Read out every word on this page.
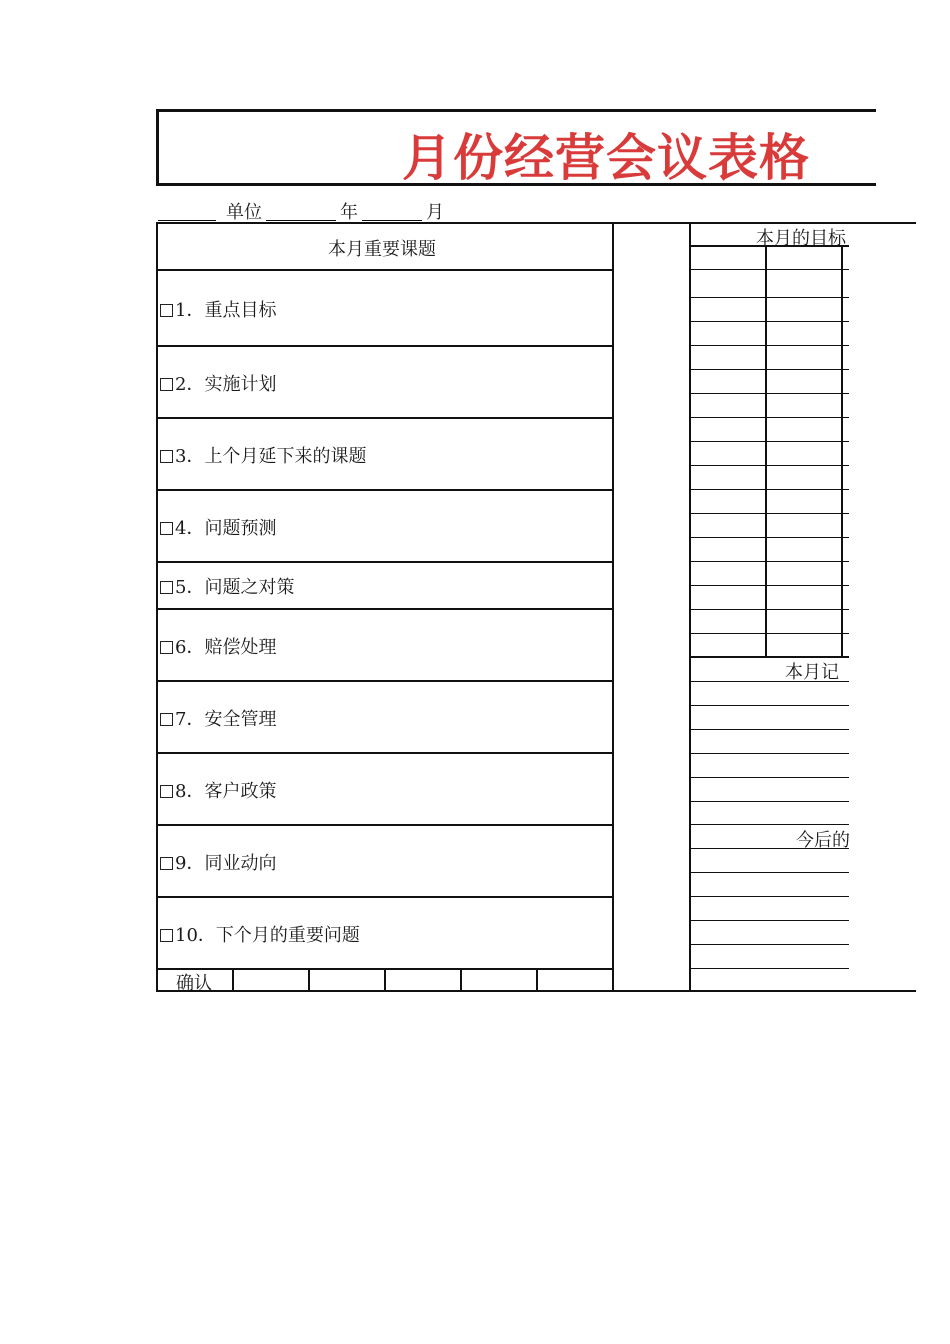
月份经营会议表格
单位	年	月
本月重要课题
1．重点目标
2．实施计划
3．上个月延下来的课题
4．问题预测
5．问题之对策
6．赔偿处理
7．安全管理
8．客户政策
9．同业动向
10．下个月的重要问题
确认
本月的目标
本月记
今后的
